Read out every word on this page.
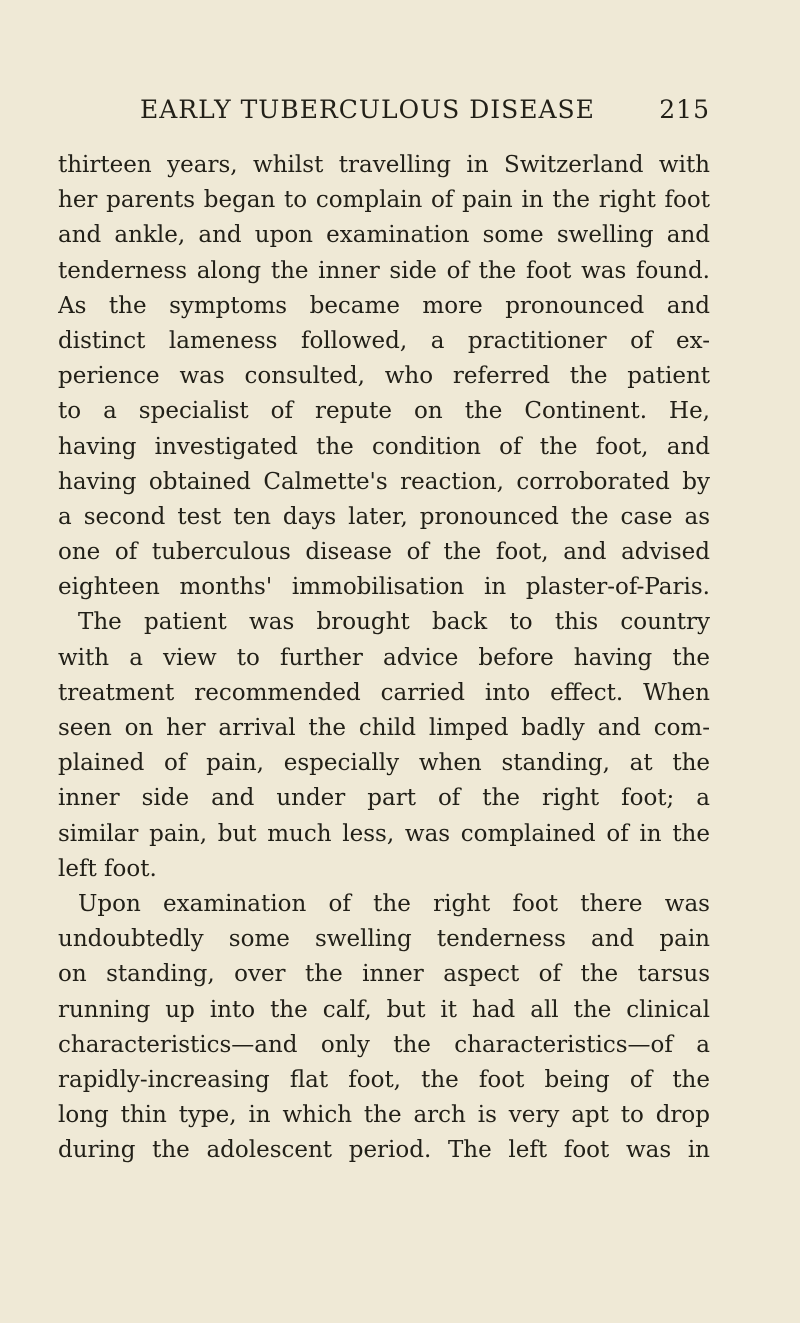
EARLY TUBERCULOUS DISEASE	215
thirteen years, whilst travelling in Switzerland with
her parents began to complain of pain in the right foot
and ankle, and upon examination some swelling and
tenderness along the inner side of the foot was found.
As the symptoms became more pronounced and
distinct lameness followed, a practitioner of ex-
perience was consulted, who referred the patient
to a specialist of repute on the Continent. He,
having investigated the condition of the foot, and
having obtained Calmette's reaction, corroborated by
a second test ten days later, pronounced the case as
one of tuberculous disease of the foot, and advised
eighteen months' immobilisation in plaster-of-Paris.
The patient was brought back to this country
with a view to further advice before having the
treatment recommended carried into effect. When
seen on her arrival the child limped badly and com-
plained of pain, especially when standing, at the
inner side and under part of the right foot; a
similar pain, but much less, was complained of in the
left foot.
Upon examination of the right foot there was
undoubtedly some swelling tenderness and pain
on standing, over the inner aspect of the tarsus
running up into the calf, but it had all the clinical
characteristics—and only the characteristics—of a
rapidly-increasing flat foot, the foot being of the
long thin type, in which the arch is very apt to drop
during the adolescent period. The left foot was in
